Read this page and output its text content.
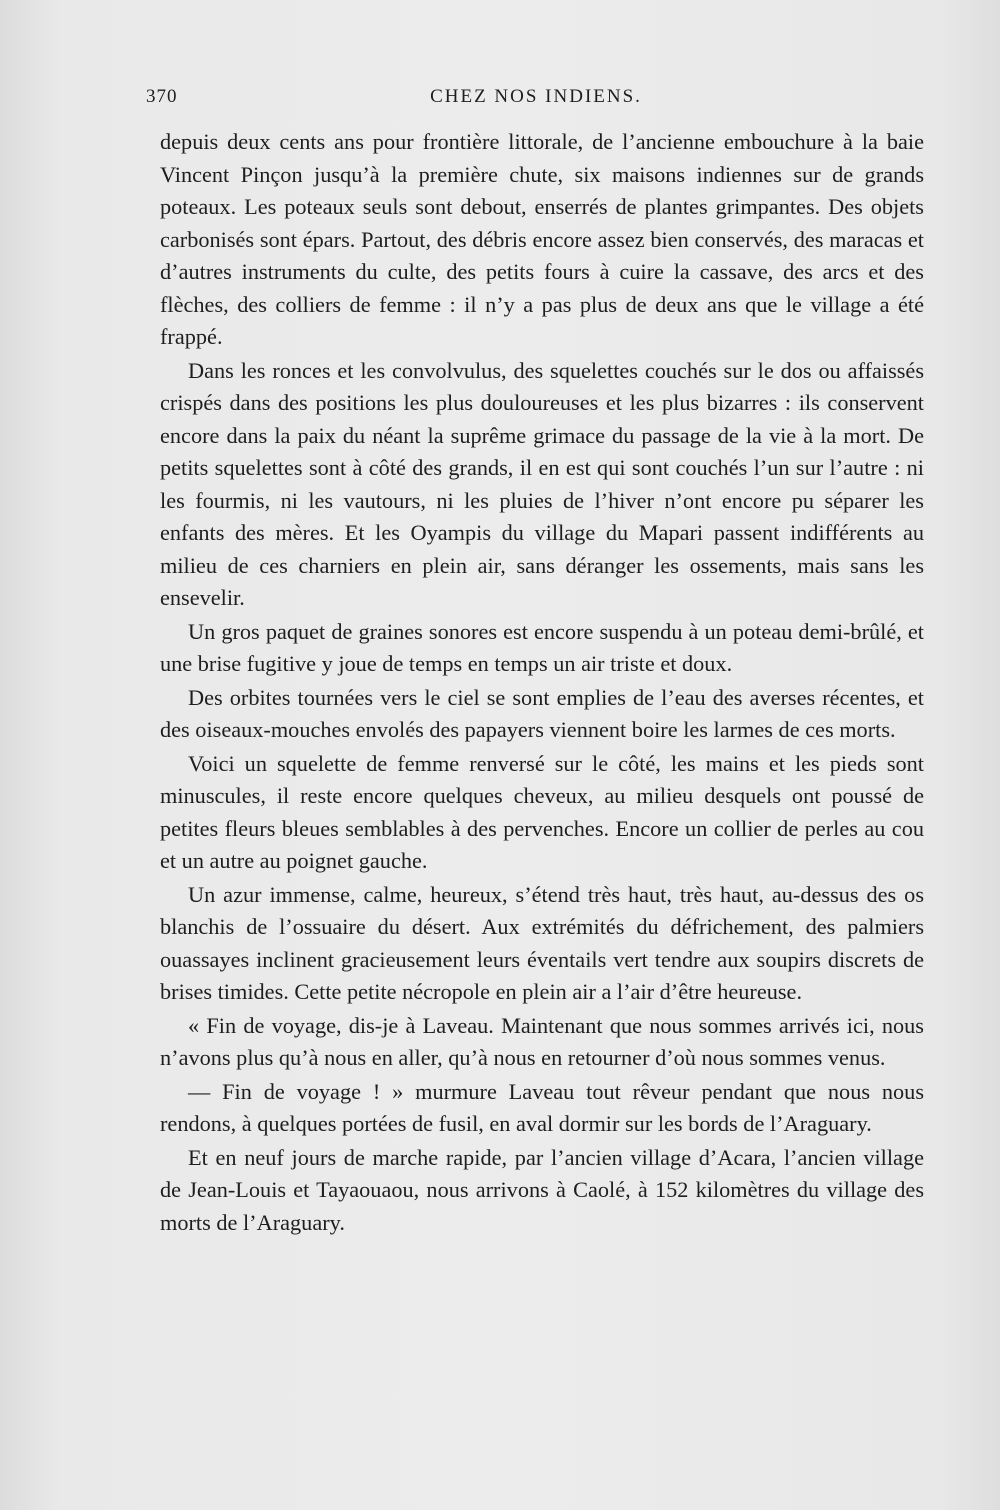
370	CHEZ NOS INDIENS.

depuis deux cents ans pour frontière littorale, de l’ancienne embouchure à la baie Vincent Pinçon jusqu’à la première chute, six maisons indiennes sur de grands poteaux. Les poteaux seuls sont debout, enserrés de plantes grimpantes. Des objets carbonisés sont épars. Partout, des débris encore assez bien conservés, des maracas et d’autres instruments du culte, des petits fours à cuire la cassave, des arcs et des flèches, des colliers de femme : il n’y a pas plus de deux ans que le village a été frappé.

Dans les ronces et les convolvulus, des squelettes couchés sur le dos ou affaissés crispés dans des positions les plus douloureuses et les plus bizarres : ils conservent encore dans la paix du néant la suprême grimace du passage de la vie à la mort. De petits squelettes sont à côté des grands, il en est qui sont couchés l’un sur l’autre : ni les fourmis, ni les vautours, ni les pluies de l’hiver n’ont encore pu séparer les enfants des mères. Et les Oyampis du village du Mapari passent indifférents au milieu de ces charniers en plein air, sans déranger les ossements, mais sans les ensevelir.

Un gros paquet de graines sonores est encore suspendu à un poteau demi-brûlé, et une brise fugitive y joue de temps en temps un air triste et doux.

Des orbites tournées vers le ciel se sont emplies de l’eau des averses récentes, et des oiseaux-mouches envolés des papayers viennent boire les larmes de ces morts.

Voici un squelette de femme renversé sur le côté, les mains et les pieds sont minuscules, il reste encore quelques cheveux, au milieu desquels ont poussé de petites fleurs bleues semblables à des pervenches. Encore un collier de perles au cou et un autre au poignet gauche.

Un azur immense, calme, heureux, s’étend très haut, très haut, au-dessus des os blanchis de l’ossuaire du désert. Aux extrémités du défrichement, des palmiers ouassayes inclinent gracieusement leurs éventails vert tendre aux soupirs discrets de brises timides. Cette petite nécropole en plein air a l’air d’être heureuse.

« Fin de voyage, dis-je à Laveau. Maintenant que nous sommes arrivés ici, nous n’avons plus qu’à nous en aller, qu’à nous en retourner d’où nous sommes venus.

— Fin de voyage ! » murmure Laveau tout rêveur pendant que nous nous rendons, à quelques portées de fusil, en aval dormir sur les bords de l’Araguary.

Et en neuf jours de marche rapide, par l’ancien village d’Acara, l’ancien village de Jean-Louis et Tayaouaou, nous arrivons à Caolé, à 152 kilomètres du village des morts de l’Araguary.
